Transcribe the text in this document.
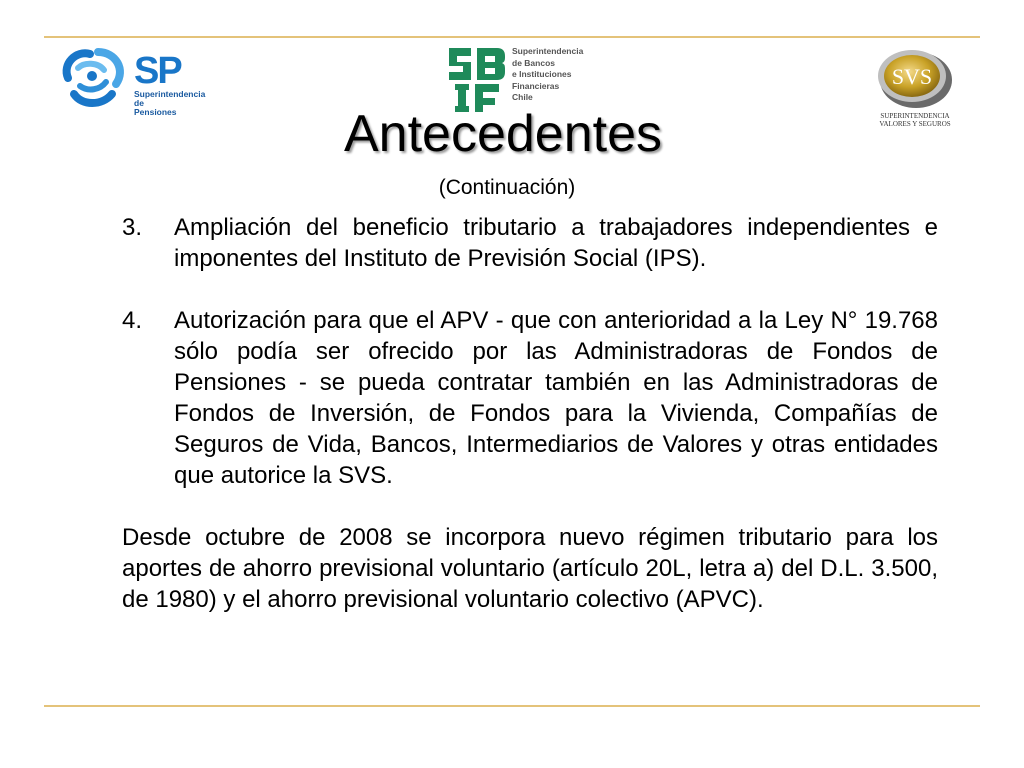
SP
Superintendencia de
Pensiones
Superintendencia
de Bancos
e Instituciones
Financieras
Chile
SVS
SUPERINTENDENCIA
VALORES Y SEGUROS
Antecedentes
(Continuación)
3.	Ampliación del beneficio tributario a trabajadores independientes e imponentes del Instituto de Previsión Social (IPS).
4.	Autorización para que el APV - que con anterioridad a la Ley N° 19.768 sólo podía ser ofrecido por las Administradoras de Fondos de Pensiones - se pueda contratar también en las Administradoras de Fondos de Inversión, de Fondos para la Vivienda, Compañías de Seguros de Vida, Bancos, Intermediarios de Valores y otras entidades que autorice la SVS.
Desde octubre de 2008 se incorpora nuevo régimen tributario para los aportes de ahorro previsional voluntario (artículo 20L, letra a) del D.L. 3.500, de 1980) y el ahorro previsional voluntario colectivo (APVC).
